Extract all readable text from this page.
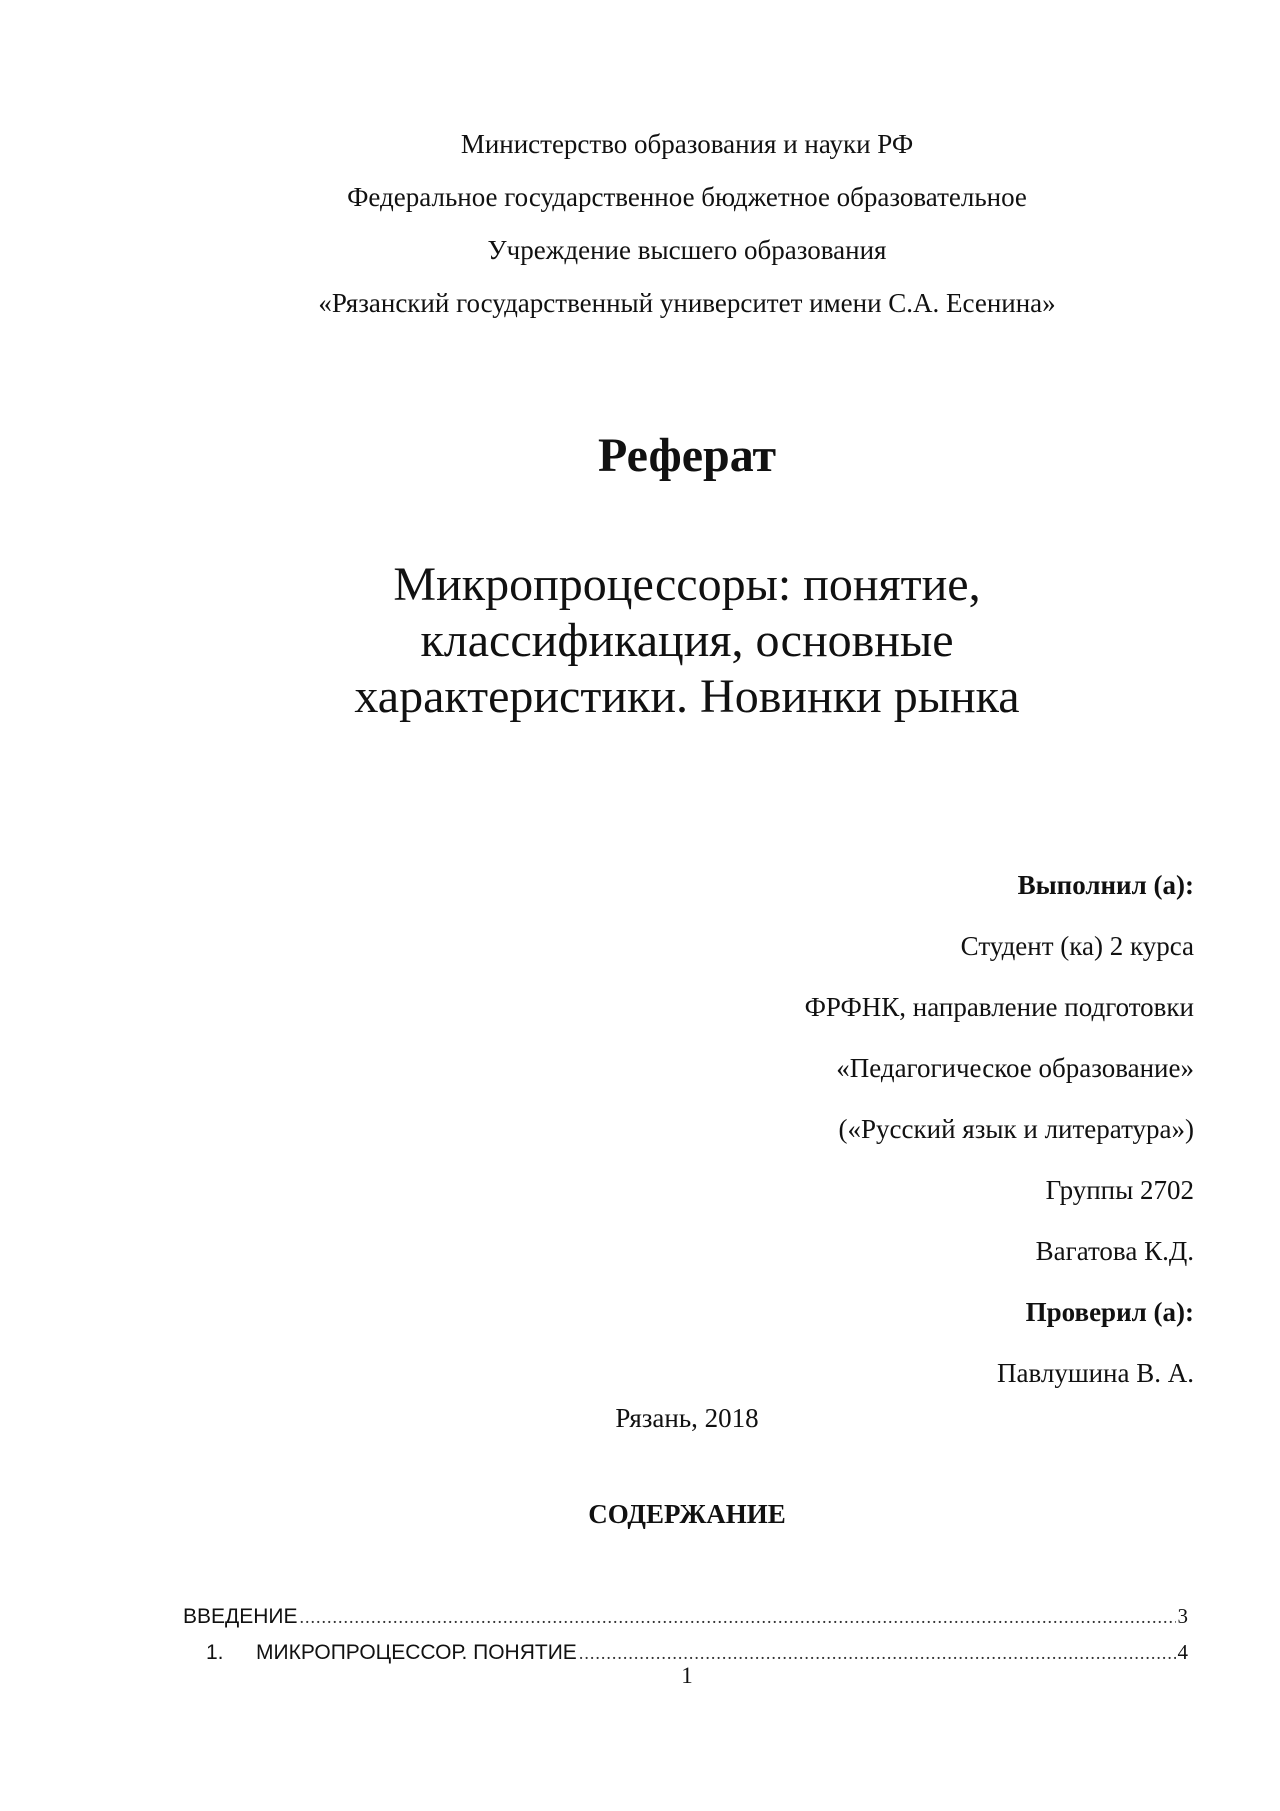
Министерство образования и науки РФ
Федеральное государственное бюджетное образовательное
Учреждение высшего образования
«Рязанский государственный университет имени С.А. Есенина»
Реферат
Микропроцессоры: понятие,
классификация, основные
характеристики. Новинки рынка
Выполнил (а):
Студент (ка) 2 курса
ФРФНК, направление подготовки
«Педагогическое образование»
(«Русский язык и литература»)
Группы 2702
Вагатова К.Д.
Проверил (а):
Павлушина В. А.
Рязань, 2018
СОДЕРЖАНИЕ
ВВЕДЕНИЕ .....	3
1.	МИКРОПРОЦЕССОР. ПОНЯТИЕ .....	4
1
